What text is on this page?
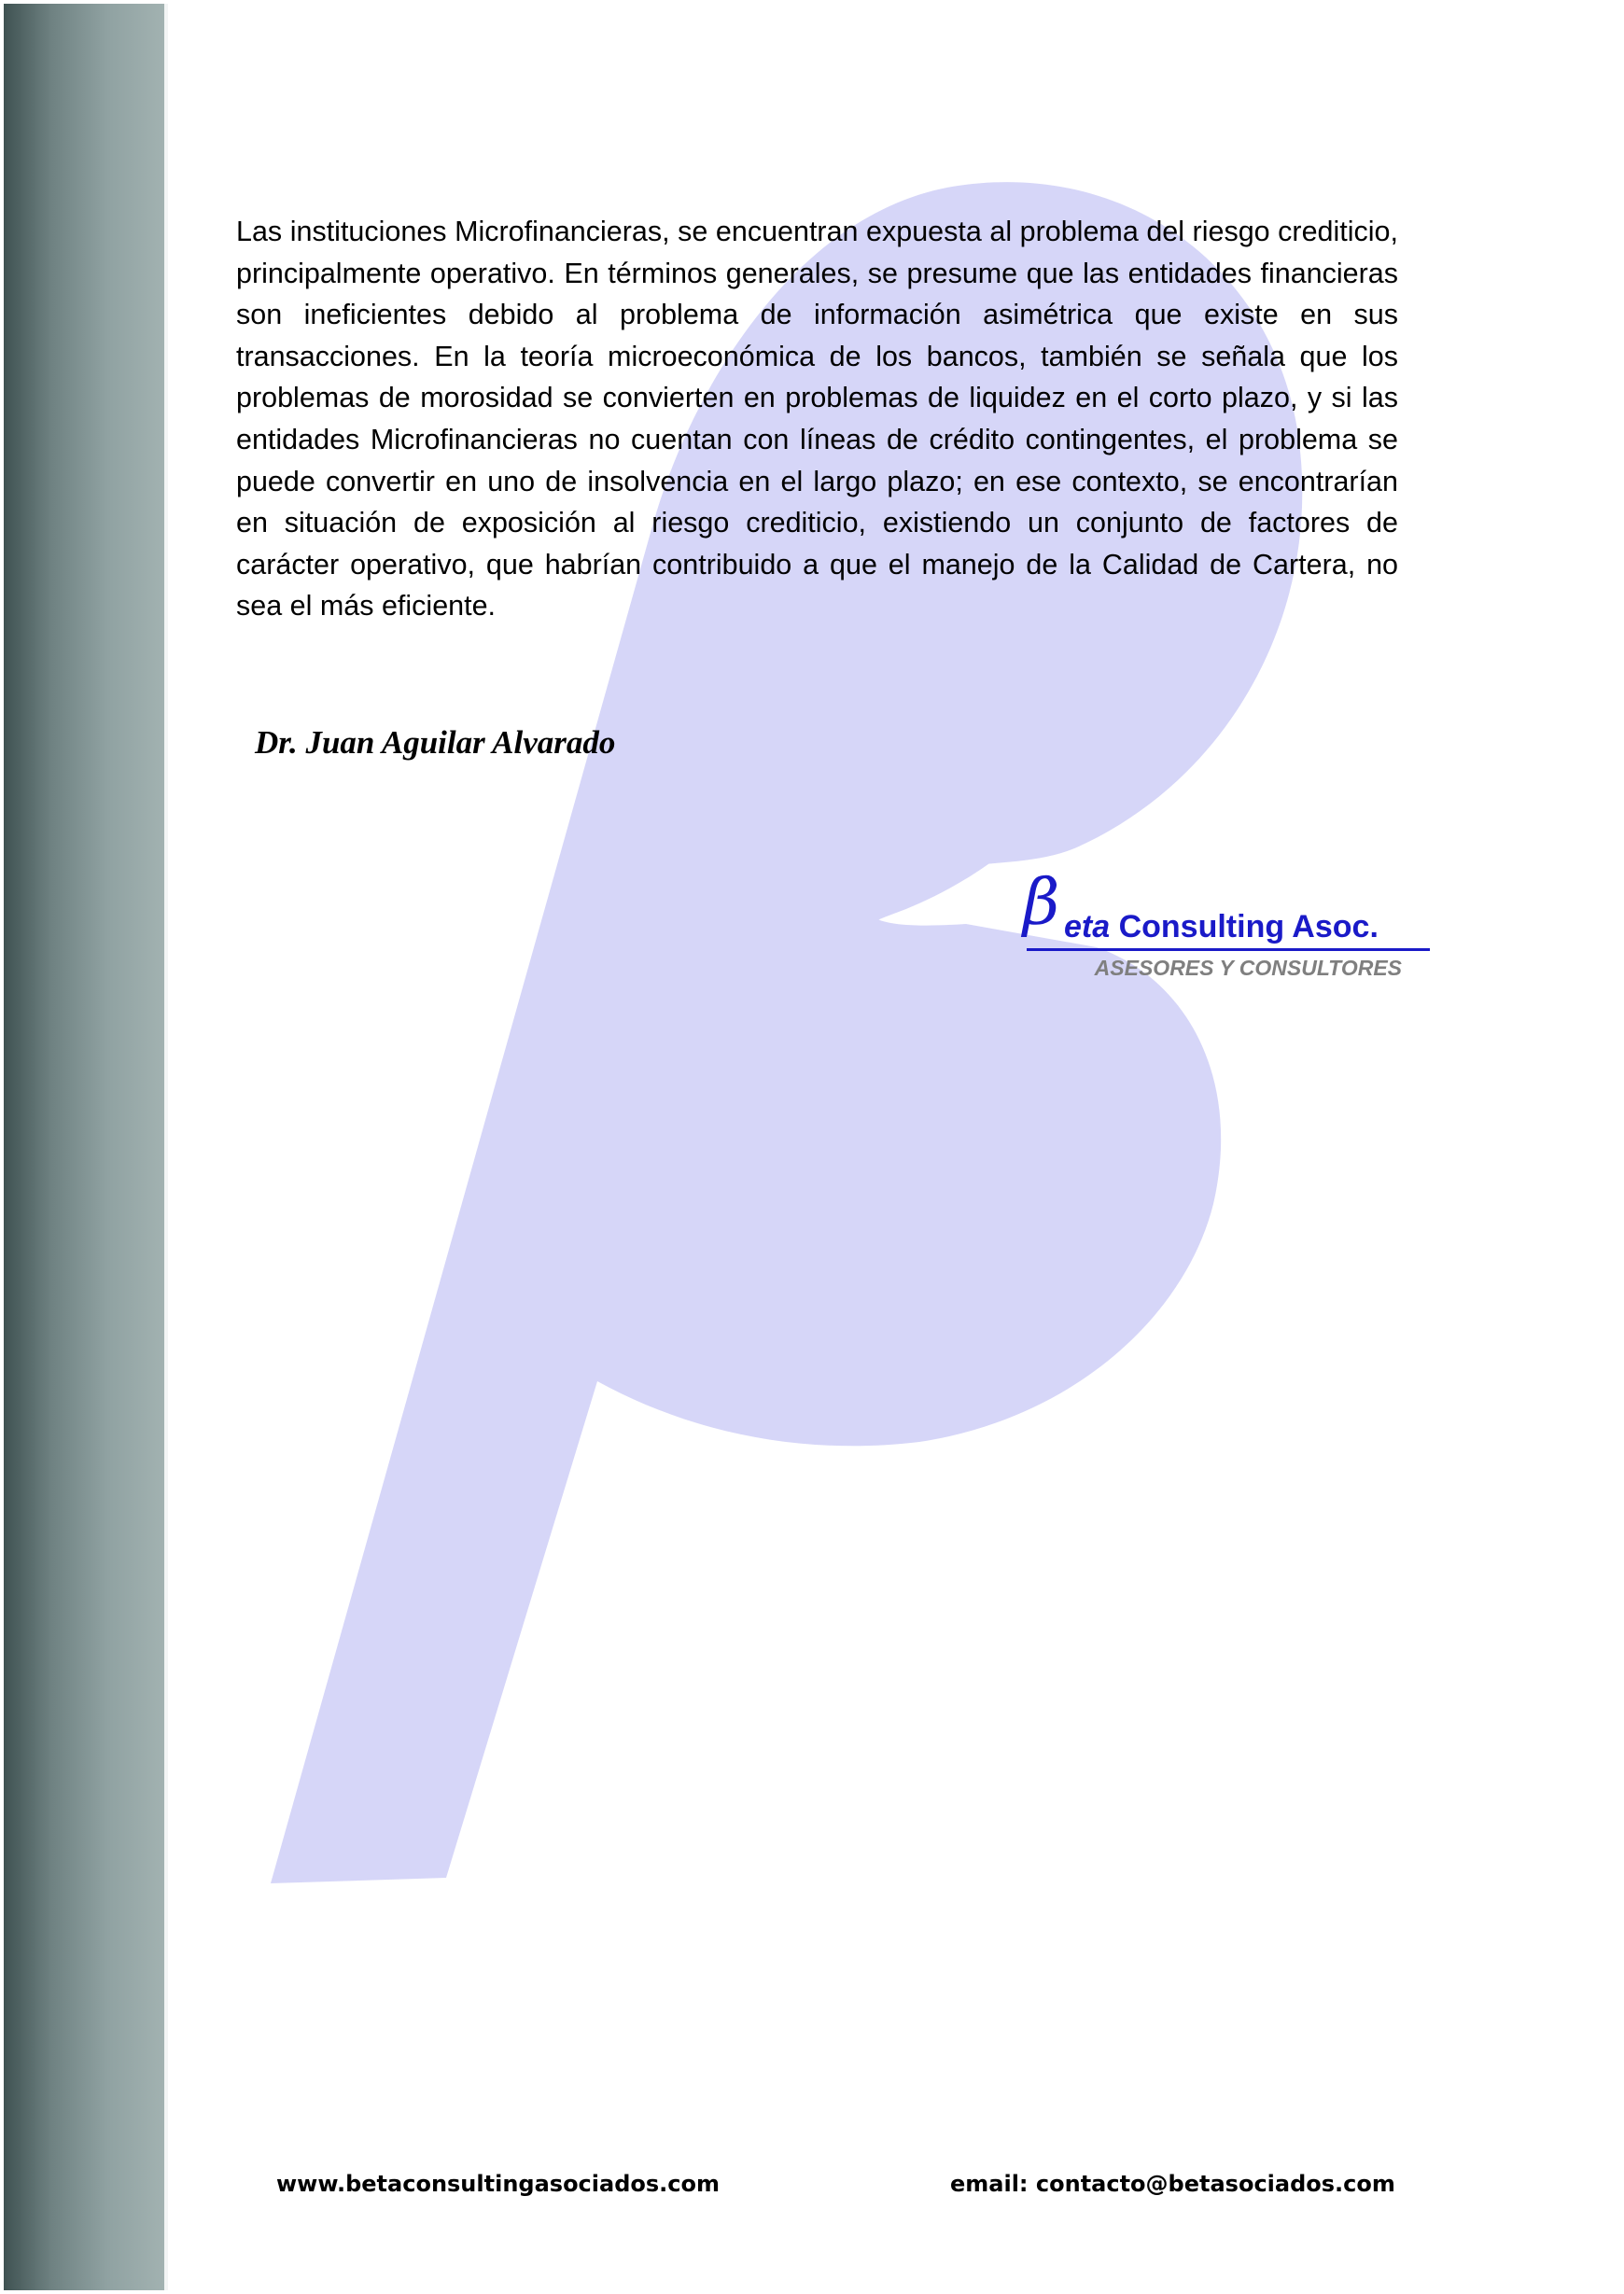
Las instituciones Microfinancieras, se encuentran expuesta al problema del riesgo crediticio, principalmente operativo. En términos generales, se presume que las entidades financieras son ineficientes debido al problema de información asimétrica que existe en sus transacciones. En la teoría microeconómica de los bancos, también se señala que los problemas de morosidad se convierten en problemas de liquidez en el corto plazo, y si las entidades Microfinancieras no cuentan con líneas de crédito contingentes, el problema se puede convertir en uno de insolvencia en el largo plazo; en ese contexto, se encontrarían en situación de exposición al riesgo crediticio, existiendo un conjunto de factores de carácter operativo, que habrían contribuido a que el manejo de la Calidad de Cartera, no sea el más eficiente.

Dr. Juan Aguilar Alvarado
β eta Consulting Asoc.
ASESORES Y CONSULTORES
www.betaconsultingasociados.com	email: contacto@betasociados.com
